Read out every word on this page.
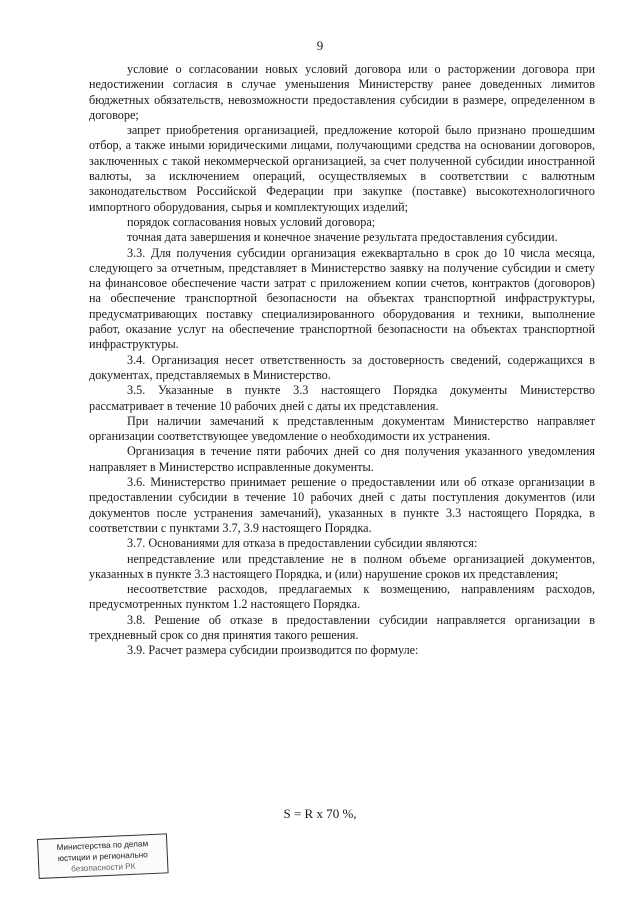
9

условие о согласовании новых условий договора или о расторжении договора при недостижении согласия в случае уменьшения Министерству ранее доведенных лимитов бюджетных обязательств, невозможности предоставления субсидии в размере, определенном в договоре;

запрет приобретения организацией, предложение которой было признано прошедшим отбор, а также иными юридическими лицами, получающими средства на основании договоров, заключенных с такой некоммерческой организацией, за счет полученной субсидии иностранной валюты, за исключением операций, осуществляемых в соответствии с валютным законодательством Российской Федерации при закупке (поставке) высокотехнологичного импортного оборудования, сырья и комплектующих изделий;

порядок согласования новых условий договора;

точная дата завершения и конечное значение результата предоставления субсидии.

3.3. Для получения субсидии организация ежеквартально в срок до 10 числа месяца, следующего за отчетным, представляет в Министерство заявку на получение субсидии и смету на финансовое обеспечение части затрат с приложением копии счетов, контрактов (договоров) на обеспечение транспортной безопасности на объектах транспортной инфраструктуры, предусматривающих поставку специализированного оборудования и техники, выполнение работ, оказание услуг на обеспечение транспортной безопасности на объектах транспортной инфраструктуры.

3.4. Организация несет ответственность за достоверность сведений, содержащихся в документах, представляемых в Министерство.

3.5. Указанные в пункте 3.3 настоящего Порядка документы Министерство рассматривает в течение 10 рабочих дней с даты их представления.

При наличии замечаний к представленным документам Министерство направляет организации соответствующее уведомление о необходимости их устранения.

Организация в течение пяти рабочих дней со дня получения указанного уведомления направляет в Министерство исправленные документы.

3.6. Министерство принимает решение о предоставлении или об отказе организации в предоставлении субсидии в течение 10 рабочих дней с даты поступления документов (или документов после устранения замечаний), указанных в пункте 3.3 настоящего Порядка, в соответствии с пунктами 3.7, 3.9 настоящего Порядка.

3.7. Основаниями для отказа в предоставлении субсидии являются:

непредставление или представление не в полном объеме организацией документов, указанных в пункте 3.3 настоящего Порядка, и (или) нарушение сроков их представления;

несоответствие расходов, предлагаемых к возмещению, направлениям расходов, предусмотренных пунктом 1.2 настоящего Порядка.

3.8. Решение об отказе в предоставлении субсидии направляется организации в трехдневный срок со дня принятия такого решения.

3.9. Расчет размера субсидии производится по формуле:

S = R x 70 %,
Министерства по делам
юстиции и регионально
безопасности РК
